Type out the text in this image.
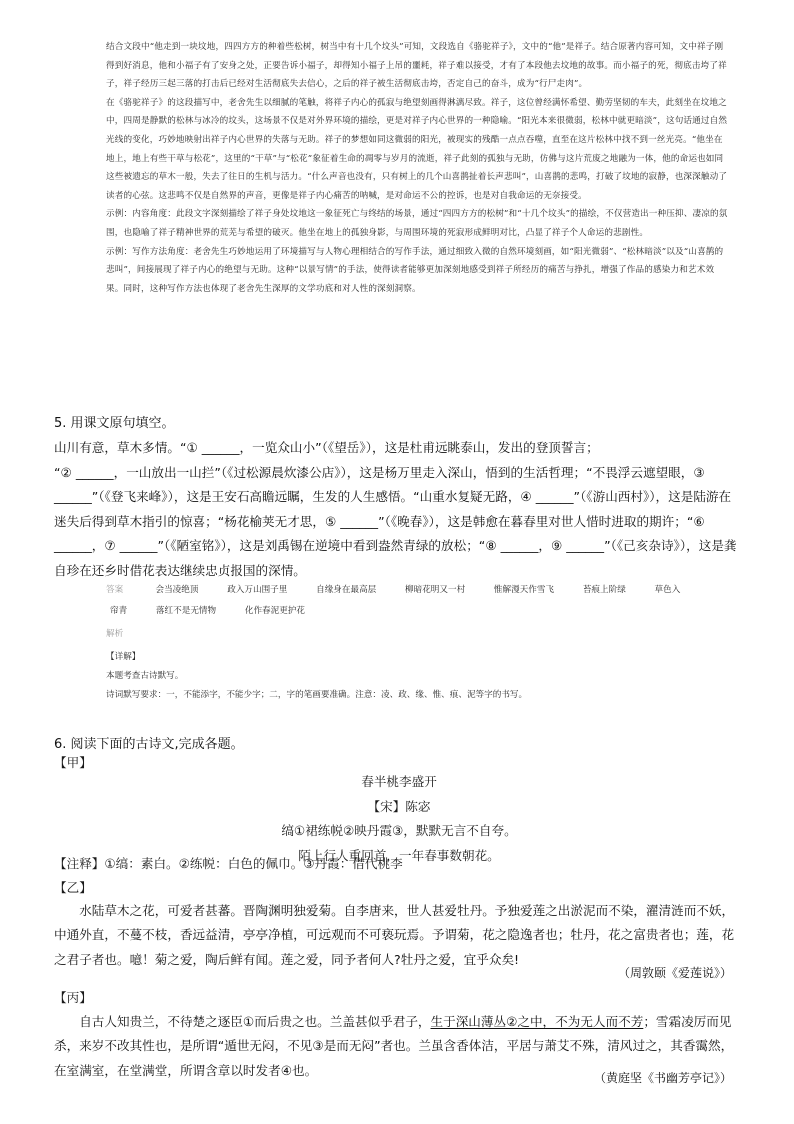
结合文段中“他走到一块坟地，四四方方的种着些松树，树当中有十几个坟头”可知，文段选自《骆驼祥子》，文中的“他”是祥子。结合原著内容可知，文中祥子刚得到好消息，他和小福子有了安身之处，正要告诉小福子，却得知小福子上吊的噩耗，祥子难以接受，才有了本段他去坟地的故事。而小福子的死，彻底击垮了祥子，祥子经历三起三落的打击后已经对生活彻底失去信心，之后的祥子被生活彻底击垮，否定自己的奋斗，成为“行尸走肉”。

在《骆驼祥子》的这段描写中，老舍先生以细腻的笔触，将祥子内心的孤寂与绝望刻画得淋漓尽致。祥子，这位曾经满怀希望、勤劳坚韧的车夫，此刻坐在坟地之中，四周是静默的松林与冰冷的坟头，这场景不仅是对外界环境的描绘，更是对祥子内心世界的一种隐喻。“阳光本来很微弱，松林中就更暗淡”，这句话通过自然光线的变化，巧妙地映射出祥子内心世界的失落与无助。祥子的梦想如同这微弱的阳光，被现实的残酷一点点吞噬，直至在这片松林中找不到一丝光亮。“他坐在地上，地上有些干草与松花”，这里的“干草”与“松花”象征着生命的凋零与岁月的流逝，祥子此刻的孤独与无助，仿佛与这片荒废之地融为一体，他的命运也如同这些被遗忘的草木一般，失去了往日的生机与活力。“什么声音也没有，只有树上的几个山喜鹊扯着长声悲叫”，山喜鹊的悲鸣，打破了坟地的寂静，也深深触动了读者的心弦。这悲鸣不仅是自然界的声音，更像是祥子内心痛苦的呐喊，是对命运不公的控诉，也是对自我命运的无奈接受。

示例：内容角度：此段文字深刻描绘了祥子身处坟地这一象征死亡与终结的场景，通过“四四方方的松树”和“十几个坟头”的描绘，不仅营造出一种压抑、凄凉的氛围，也隐喻了祥子精神世界的荒芜与希望的破灭。他坐在地上的孤独身影，与周围环境的死寂形成鲜明对比，凸显了祥子个人命运的悲剧性。

示例：写作方法角度：老舍先生巧妙地运用了环境描写与人物心理相结合的写作手法，通过细致入微的自然环境刻画，如“阳光微弱”、“松林暗淡”以及“山喜鹊的悲叫”，间接展现了祥子内心的绝望与无助。这种“以景写情”的手法，使得读者能够更加深刻地感受到祥子所经历的痛苦与挣扎，增强了作品的感染力和艺术效果。同时，这种写作方法也体现了老舍先生深厚的文学功底和对人性的深刻洞察。

5. 用课文原句填空。

山川有意，草木多情。“① ______，一览众山小”（《望岳》），这是杜甫远眺泰山，发出的登顶誓言；

“② ______，一山放出一山拦”（《过松源晨炊漆公店》），这是杨万里走入深山，悟到的生活哲理；“不畏浮云遮望眼，③ ______”（《登飞来峰》），这是王安石高瞻远瞩，生发的人生感悟。“山重水复疑无路，④ ______”（《游山西村》），这是陆游在迷失后得到草木指引的惊喜；“杨花榆荚无才思，⑤ ______”（《晚春》），这是韩愈在暮春里对世人惜时进取的期许；“⑥ ______，⑦ ______”（《陋室铭》），这是刘禹锡在逆境中看到盎然青绿的放松；“⑧ ______，⑨ ______”（《己亥杂诗》），这是龚自珍在还乡时借花表达继续忠贞报国的深情。

答案	会当凌绝顶	政入万山围子里	自缘身在最高层	柳暗花明又一村	惟解漫天作雪飞	苔痕上阶绿	草色入
帘青	落红不是无情物	化作春泥更护花
解析

【详解】

本题考查古诗默写。

诗词默写要求：一，不能添字，不能少字；二，字的笔画要准确。注意：凌、政、缘、惟、痕、泥等字的书写。

6. 阅读下面的古诗文,完成各题。
【甲】

春半桃李盛开

【宋】陈宓

缟①裙练帨②映丹霞③，默默无言不自夸。

陌上行人重回首，一年春事数朝花。

【注释】①缟：素白。②练帨：白色的佩巾。③丹霞：借代桃李
【乙】

水陆草木之花，可爱者甚蕃。晋陶渊明独爱菊。自李唐来，世人甚爱牡丹。予独爱莲之出淤泥而不染，濯清涟而不妖，中通外直，不蔓不枝，香远益清，亭亭净植，可远观而不可亵玩焉。予谓菊，花之隐逸者也；牡丹，花之富贵者也；莲，花之君子者也。噫！菊之爱，陶后鲜有闻。莲之爱，同予者何人?牡丹之爱，宜乎众矣!

（周敦颐《爱莲说》）
【丙】

自古人知贵兰，不待楚之逐臣①而后贵之也。兰盖甚似乎君子，生于深山薄丛②之中，不为无人而不芳；雪霜凌厉而见杀，来岁不改其性也，是所谓“遁世无闷，不见③是而无闷”者也。兰虽含香体洁，平居与萧艾不殊，清风过之，其香霭然，在室满室，在堂满堂，所谓含章以时发者④也。

（黄庭坚《书幽芳亭记》）
